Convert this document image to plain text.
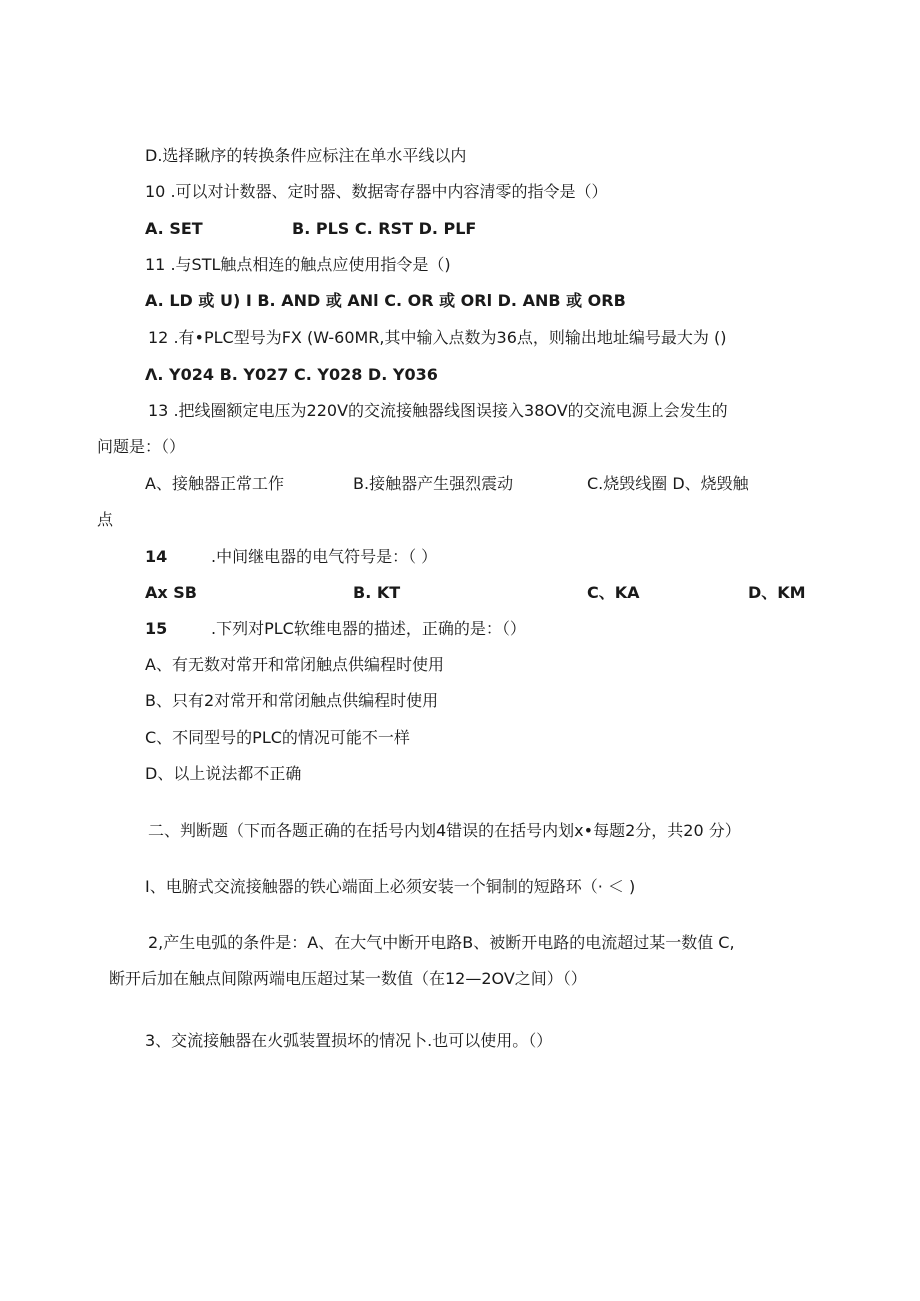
D.选择瞅序的转换条件应标注在单水平线以内
10 .可以对计数器、定时器、数据寄存器中内容清零的指令是（）
A. SET	B. PLS C. RST D. PLF
11 .与STL触点相连的触点应使用指令是（)
A. LD 或 U) I B. AND 或 ANl C. OR 或 ORl D. ANB 或 ORB
12 .有•PLC型号为FX (W-60MR,其中输入点数为36点，则输出地址编号最大为 ()
Λ. Y024 B. Y027 C. Y028 D. Y036
13 .把线圈额定电压为220V的交流接触器线图误接入38OV的交流电源上会发生的
问题是：（）
A、接触器正常工作	B.接触器产生强烈震动	C.烧毁线圈 D、烧毁触
点
14	.中间继电器的电气符号是：（ ）
Ax SB	B. KT	C、KA	D、KM
15	.下列对PLC软维电器的描述，正确的是：（）
A、有无数对常开和常闭触点供编程时使用
B、只有2对常开和常闭触点供编程时使用
C、不同型号的PLC的情况可能不一样
D、以上说法都不正确
二、判断题（下而各题正确的在括号内划4错误的在括号内划x•每题2分，共20 分）
I、电腑式交流接触器的铁心端面上必须安装一个铜制的短路环（· ＜ )
2,产生电弧的条件是：A、在大气中断开电路B、被断开电路的电流超过某一数值 C,
断开后加在触点间隙两端电压超过某一数值（在12—2OV之间）（）
3、交流接触器在火弧装置损坏的情况卜.也可以使用。（）
